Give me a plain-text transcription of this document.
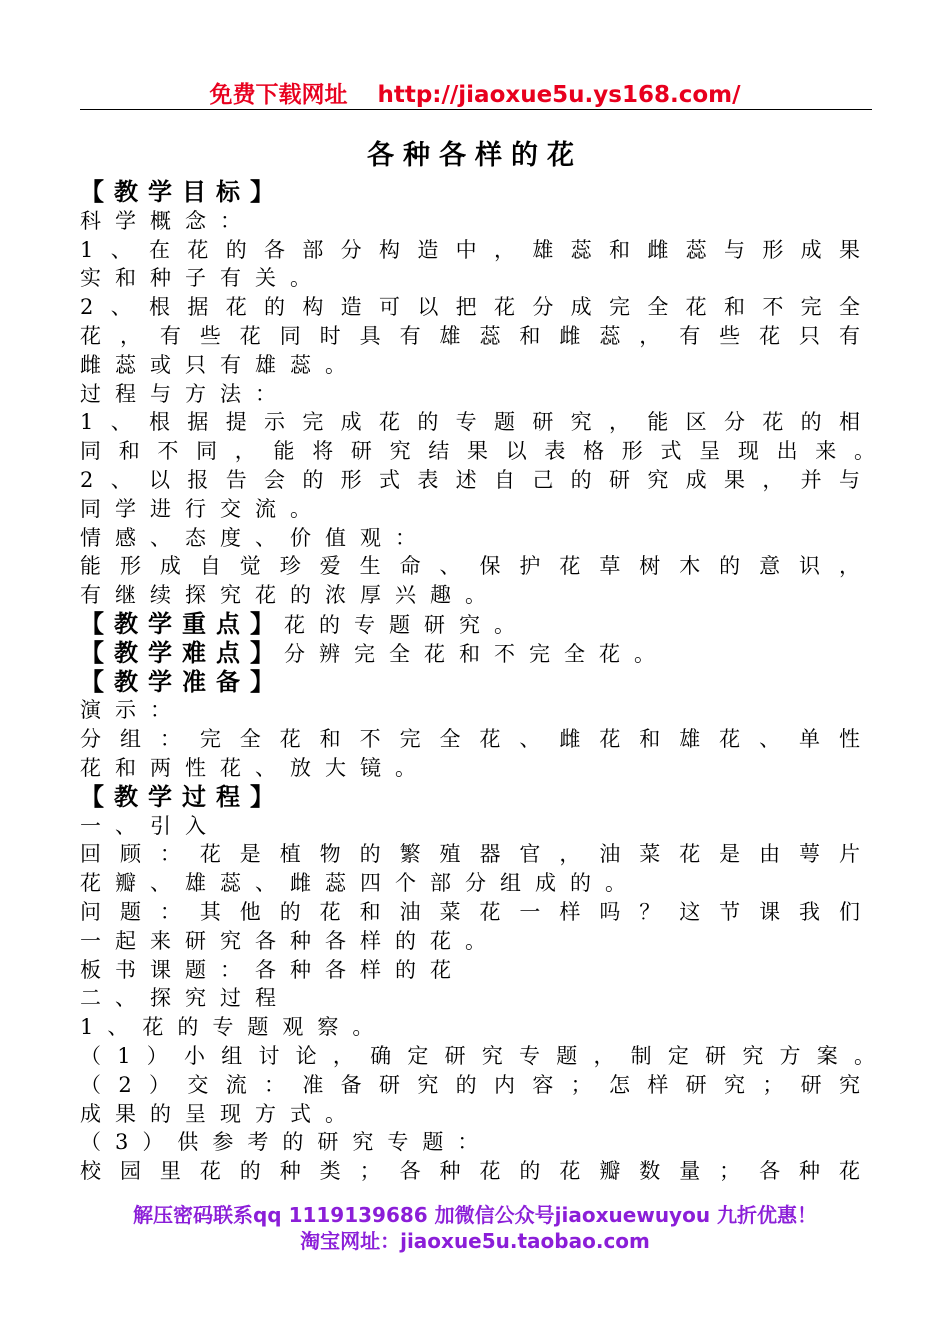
免费下载网址 http://jiaoxue5u.ys168.com/
各种各样的花
【教学目标】
科学概念：
1、在花的各部分构造中，雄蕊和雌蕊与形成果
实和种子有关。
2、根据花的构造可以把花分成完全花和不完全
花，有些花同时具有雄蕊和雌蕊，有些花只有
雌蕊或只有雄蕊。
过程与方法：
1、根据提示完成花的专题研究，能区分花的相
同和不同，能将研究结果以表格形式呈现出来。
2、以报告会的形式表述自己的研究成果，并与
同学进行交流。
情感、态度、价值观：
能形成自觉珍爱生命、保护花草树木的意识，
有继续探究花的浓厚兴趣。
【教学重点】花的专题研究。
【教学难点】分辨完全花和不完全花。
【教学准备】
演示：
分组：完全花和不完全花、雌花和雄花、单性
花和两性花、放大镜。
【教学过程】
一、引入
回顾：花是植物的繁殖器官，油菜花是由萼片
花瓣、雄蕊、雌蕊四个部分组成的。
问题：其他的花和油菜花一样吗？这节课我们
一起来研究各种各样的花。
板书课题：各种各样的花
二、探究过程
1、花的专题观察。
（1）小组讨论，确定研究专题，制定研究方案。
（2）交流：准备研究的内容；怎样研究；研究
成果的呈现方式。
（3）供参考的研究专题：
校园里花的种类；各种花的花瓣数量；各种花
解压密码联系qq 1119139686 加微信公众号jiaoxuewuyou 九折优惠！
淘宝网址：jiaoxue5u.taobao.com
